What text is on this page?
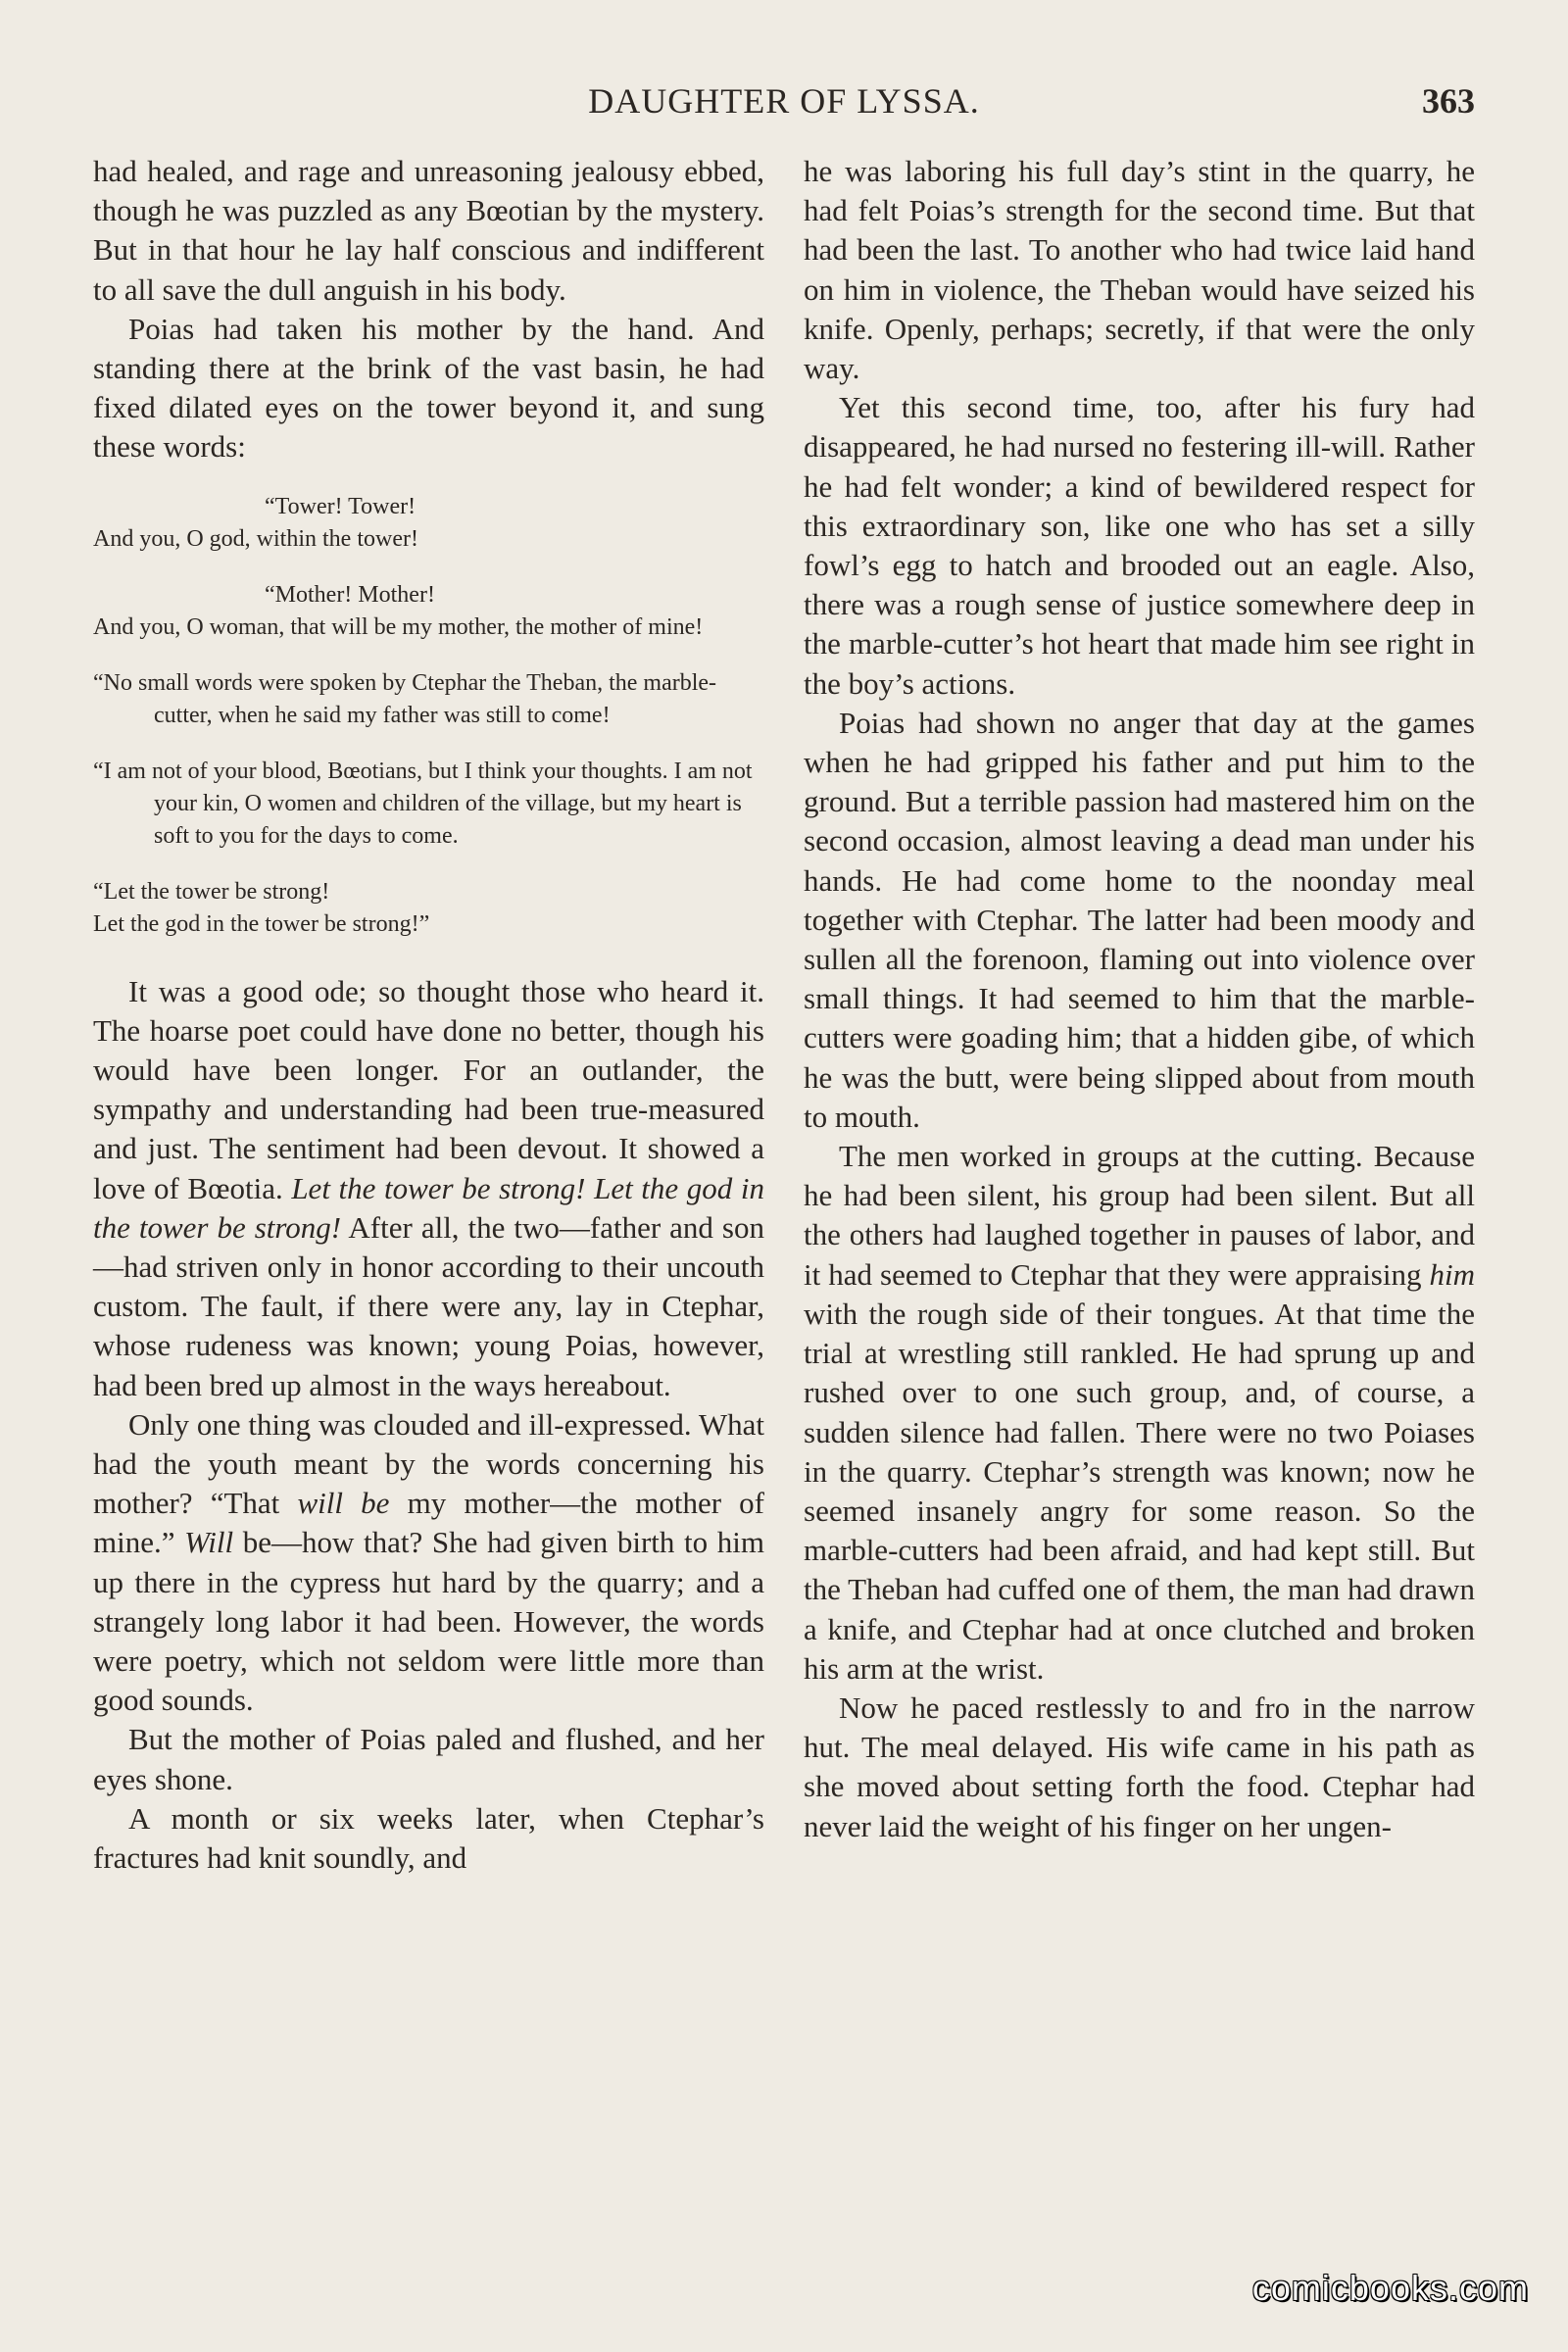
DAUGHTER OF LYSSA.	363

had healed, and rage and unreasoning jealousy ebbed, though he was puzzled as any Bœotian by the mystery. But in that hour he lay half conscious and indifferent to all save the dull anguish in his body.

Poias had taken his mother by the hand. And standing there at the brink of the vast basin, he had fixed dilated eyes on the tower beyond it, and sung these words:

“Tower! Tower!
And you, O god, within the tower!
“Mother! Mother!
And you, O woman, that will be my mother, the mother of mine!
“No small words were spoken by Ctephar the Theban, the marble-cutter, when he said my father was still to come!
“I am not of your blood, Bœotians, but I think your thoughts. I am not your kin, O women and children of the village, but my heart is soft to you for the days to come.
“Let the tower be strong!
Let the god in the tower be strong!”

It was a good ode; so thought those who heard it. The hoarse poet could have done no better, though his would have been longer. For an outlander, the sympathy and understanding had been true-measured and just. The sentiment had been devout. It showed a love of Bœotia. Let the tower be strong! Let the god in the tower be strong! After all, the two—father and son—had striven only in honor according to their uncouth custom. The fault, if there were any, lay in Ctephar, whose rudeness was known; young Poias, however, had been bred up almost in the ways hereabout.

Only one thing was clouded and ill-expressed. What had the youth meant by the words concerning his mother? “That will be my mother—the mother of mine.” Will be—how that? She had given birth to him up there in the cypress hut hard by the quarry; and a strangely long labor it had been. However, the words were poetry, which not seldom were little more than good sounds.

But the mother of Poias paled and flushed, and her eyes shone.

A month or six weeks later, when Ctephar’s fractures had knit soundly, and

he was laboring his full day’s stint in the quarry, he had felt Poias’s strength for the second time. But that had been the last. To another who had twice laid hand on him in violence, the Theban would have seized his knife. Openly, perhaps; secretly, if that were the only way.

Yet this second time, too, after his fury had disappeared, he had nursed no festering ill-will. Rather he had felt wonder; a kind of bewildered respect for this extraordinary son, like one who has set a silly fowl’s egg to hatch and brooded out an eagle. Also, there was a rough sense of justice somewhere deep in the marble-cutter’s hot heart that made him see right in the boy’s actions.

Poias had shown no anger that day at the games when he had gripped his father and put him to the ground. But a terrible passion had mastered him on the second occasion, almost leaving a dead man under his hands. He had come home to the noonday meal together with Ctephar. The latter had been moody and sullen all the forenoon, flaming out into violence over small things. It had seemed to him that the marble-cutters were goading him; that a hidden gibe, of which he was the butt, were being slipped about from mouth to mouth.

The men worked in groups at the cutting. Because he had been silent, his group had been silent. But all the others had laughed together in pauses of labor, and it had seemed to Ctephar that they were appraising him with the rough side of their tongues. At that time the trial at wrestling still rankled. He had sprung up and rushed over to one such group, and, of course, a sudden silence had fallen. There were no two Poiases in the quarry. Ctephar’s strength was known; now he seemed insanely angry for some reason. So the marble-cutters had been afraid, and had kept still. But the Theban had cuffed one of them, the man had drawn a knife, and Ctephar had at once clutched and broken his arm at the wrist.

Now he paced restlessly to and fro in the narrow hut. The meal delayed. His wife came in his path as she moved about setting forth the food. Ctephar had never laid the weight of his finger on her ungen-

comicbooks.com
